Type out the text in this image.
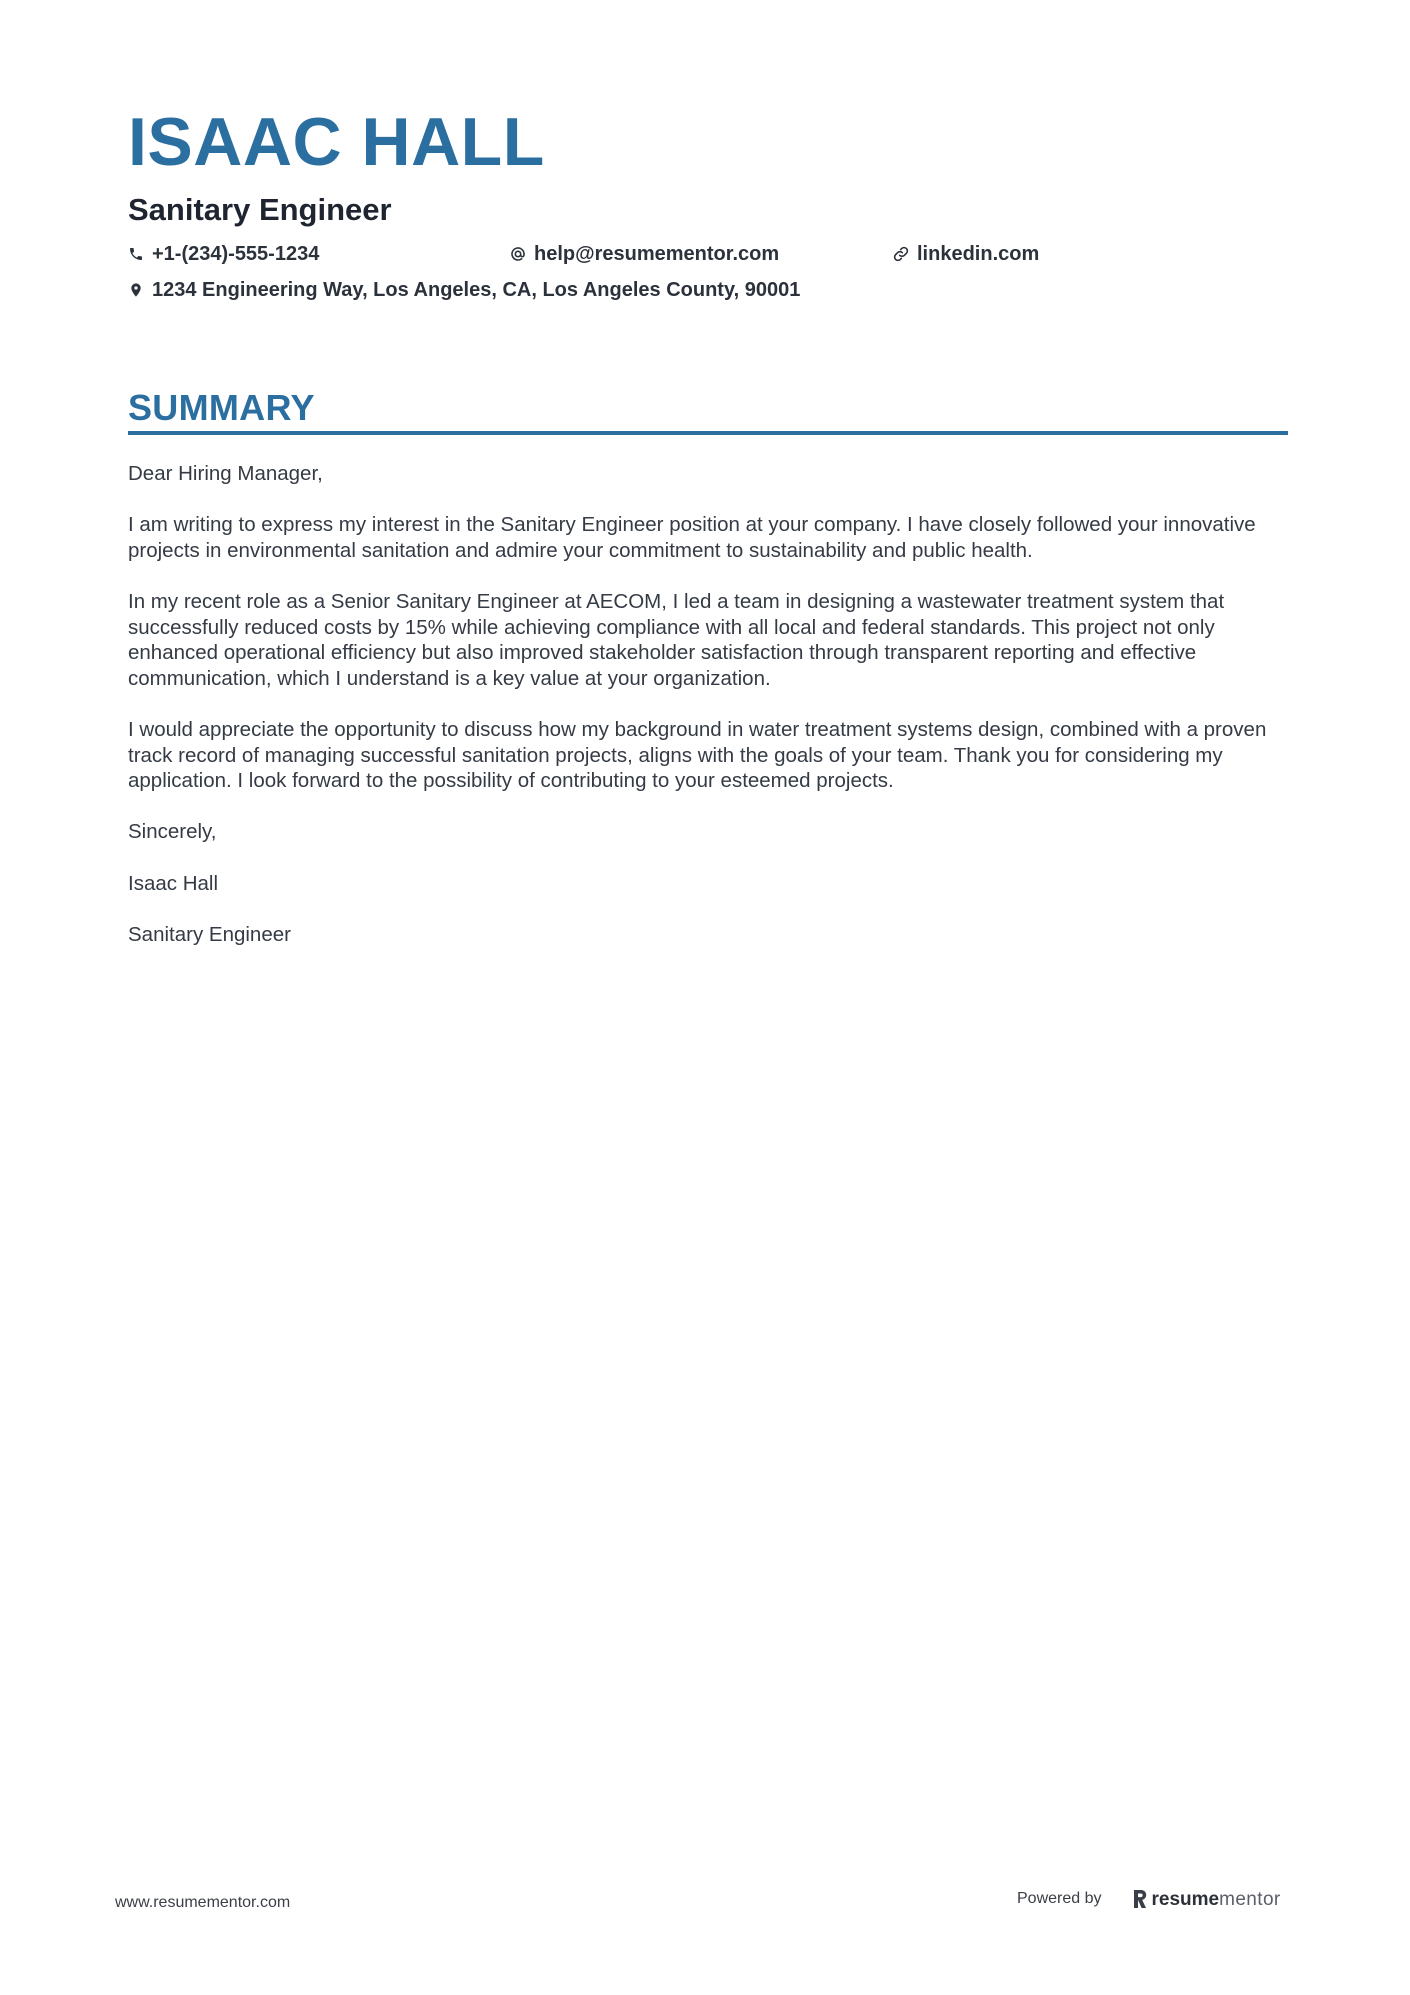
ISAAC HALL
Sanitary Engineer
+1-(234)-555-1234	help@resumementor.com	linkedin.com
1234 Engineering Way, Los Angeles, CA, Los Angeles County, 90001
SUMMARY

Dear Hiring Manager,

I am writing to express my interest in the Sanitary Engineer position at your company. I have closely followed your innovative projects in environmental sanitation and admire your commitment to sustainability and public health.

In my recent role as a Senior Sanitary Engineer at AECOM, I led a team in designing a wastewater treatment system that successfully reduced costs by 15% while achieving compliance with all local and federal standards. This project not only enhanced operational efficiency but also improved stakeholder satisfaction through transparent reporting and effective communication, which I understand is a key value at your organization.

I would appreciate the opportunity to discuss how my background in water treatment systems design, combined with a proven track record of managing successful sanitation projects, aligns with the goals of your team. Thank you for considering my application. I look forward to the possibility of contributing to your esteemed projects.

Sincerely,

Isaac Hall

Sanitary Engineer

www.resumementor.com	Powered by	resume mentor
